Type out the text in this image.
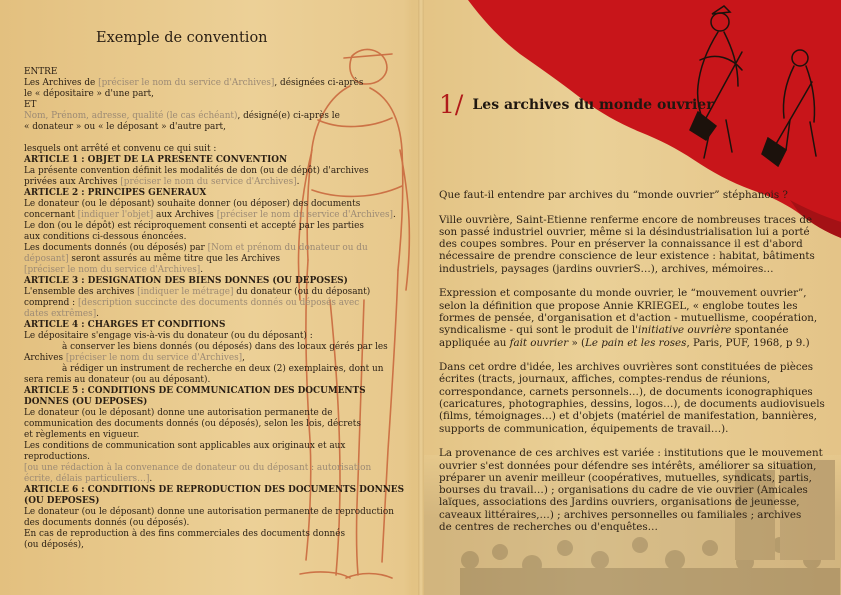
Exemple de convention
ENTRE
Les Archives de [préciser le nom du service d'Archives], désignées ci-après
le « dépositaire » d'une part,
ET
Nom, Prénom, adresse, qualité (le cas échéant), désigné(e) ci-après le
« donateur » ou « le déposant » d'autre part,
lesquels ont arrêté et convenu ce qui suit :
ARTICLE 1 : OBJET DE LA PRESENTE CONVENTION
La présente convention définit les modalités de don (ou de dépôt) d'archives
privées aux Archives [préciser le nom du service d'Archives].
ARTICLE 2 : PRINCIPES GENERAUX
Le donateur (ou le déposant) souhaite donner (ou déposer) des documents
concernant [indiquer l'objet] aux Archives [préciser le nom du service d'Archives].
Le don (ou le dépôt) est réciproquement consenti et accepté par les parties
aux conditions ci-dessous énoncées.
Les documents donnés (ou déposés) par [Nom et prénom du donateur ou du
déposant] seront assurés au même titre que les Archives
[préciser le nom du service d'Archives].
ARTICLE 3 : DESIGNATION DES BIENS DONNES (OU DEPOSES)
L'ensemble des archives [indiquer le métrage] du donateur (ou du déposant)
comprend : [description succincte des documents donnés ou déposés avec
dates extrêmes].
ARTICLE 4 : CHARGES ET CONDITIONS
Le dépositaire s'engage vis-à-vis du donateur (ou du déposant) :
à conserver les biens donnés (ou déposés) dans des locaux gérés par les
Archives [préciser le nom du service d'Archives],
à rédiger un instrument de recherche en deux (2) exemplaires, dont un
sera remis au donateur (ou au déposant).
ARTICLE 5 : CONDITIONS DE COMMUNICATION DES DOCUMENTS
DONNES (OU DEPOSES)
Le donateur (ou le déposant) donne une autorisation permanente de
communication des documents donnés (ou déposés), selon les lois, décrets
et règlements en vigueur.
Les conditions de communication sont applicables aux originaux et aux
reproductions.
[ou une rédaction à la convenance de donateur ou du déposant : autorisation
écrite, délais particuliers…].
ARTICLE 6 : CONDITIONS DE REPRODUCTION DES DOCUMENTS DONNES
(OU DEPOSES)
Le donateur (ou le déposant) donne une autorisation permanente de reproduction
des documents donnés (ou déposés).
En cas de reproduction à des fins commerciales des documents donnés
(ou déposés),
1/ Les archives du monde ouvrier
Que faut-il entendre par archives du “monde ouvrier” stéphanois ?
Ville ouvrière, Saint-Etienne renferme encore de nombreuses traces de
son passé industriel ouvrier, même si la désindustrialisation lui a porté
des coupes sombres. Pour en préserver la connaissance il est d'abord
nécessaire de prendre conscience de leur existence : habitat, bâtiments
industriels, paysages (jardins ouvrierS…), archives, mémoires…
Expression et composante du monde ouvrier, le “mouvement ouvrier”,
selon la définition que propose Annie KRIEGEL, « englobe toutes les
formes de pensée, d'organisation et d'action - mutuellisme, coopération,
syndicalisme - qui sont le produit de l'initiative ouvrière spontanée
appliquée au fait ouvrier » (Le pain et les roses, Paris, PUF, 1968, p 9.)
Dans cet ordre d'idée, les archives ouvrières sont constituées de pièces
écrites (tracts, journaux, affiches, comptes-rendus de réunions,
correspondance, carnets personnels…), de documents iconographiques
(caricatures, photographies, dessins, logos…), de documents audiovisuels
(films, témoignages…) et d'objets (matériel de manifestation, bannières,
supports de communication, équipements de travail…).
La provenance de ces archives est variée : institutions que le mouvement
ouvrier s'est données pour défendre ses intérêts, améliorer sa situation,
préparer un avenir meilleur (coopératives, mutuelles, syndicats, partis,
bourses du travail…) ; organisations du cadre de vie ouvrier (Amicales
laïques, associations des Jardins ouvriers, organisations de jeunesse,
caveaux littéraires,…) ; archives personnelles ou familiales ; archives
de centres de recherches ou d'enquêtes…
